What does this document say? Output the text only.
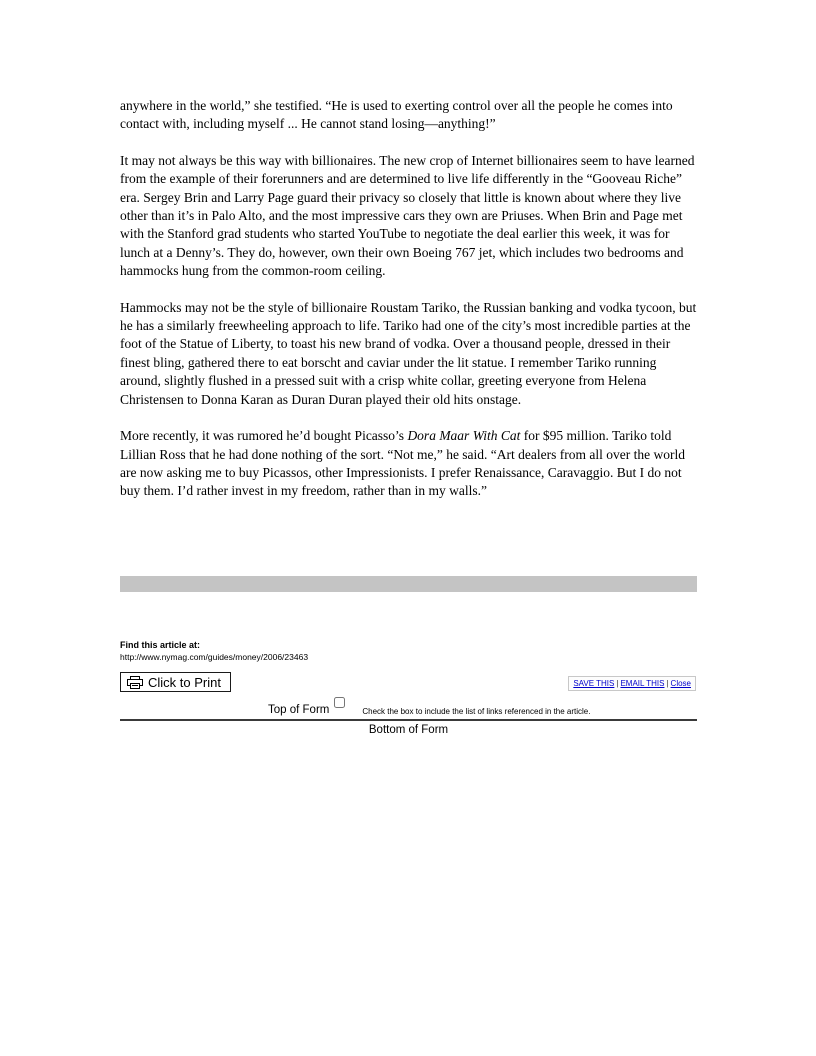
anywhere in the world,” she testified. “He is used to exerting control over all the people he comes into contact with, including myself ... He cannot stand losing—anything!”

It may not always be this way with billionaires. The new crop of Internet billionaires seem to have learned from the example of their forerunners and are determined to live life differently in the “Gooveau Riche” era. Sergey Brin and Larry Page guard their privacy so closely that little is known about where they live other than it’s in Palo Alto, and the most impressive cars they own are Priuses. When Brin and Page met with the Stanford grad students who started YouTube to negotiate the deal earlier this week, it was for lunch at a Denny’s. They do, however, own their own Boeing 767 jet, which includes two bedrooms and hammocks hung from the common-room ceiling.

Hammocks may not be the style of billionaire Roustam Tariko, the Russian banking and vodka tycoon, but he has a similarly freewheeling approach to life. Tariko had one of the city’s most incredible parties at the foot of the Statue of Liberty, to toast his new brand of vodka. Over a thousand people, dressed in their finest bling, gathered there to eat borscht and caviar under the lit statue. I remember Tariko running around, slightly flushed in a pressed suit with a crisp white collar, greeting everyone from Helena Christensen to Donna Karan as Duran Duran played their old hits onstage.

More recently, it was rumored he’d bought Picasso’s Dora Maar With Cat for $95 million. Tariko told Lillian Ross that he had done nothing of the sort. “Not me,” he said. “Art dealers from all over the world are now asking me to buy Picassos, other Impressionists. I prefer Renaissance, Caravaggio. But I do not buy them. I’d rather invest in my freedom, rather than in my walls.”

Find this article at:
http://www.nymag.com/guides/money/2006/23463
Click to Print	SAVE THIS | EMAIL THIS | Close
Top of Form	Check the box to include the list of links referenced in the article.
Bottom of Form
